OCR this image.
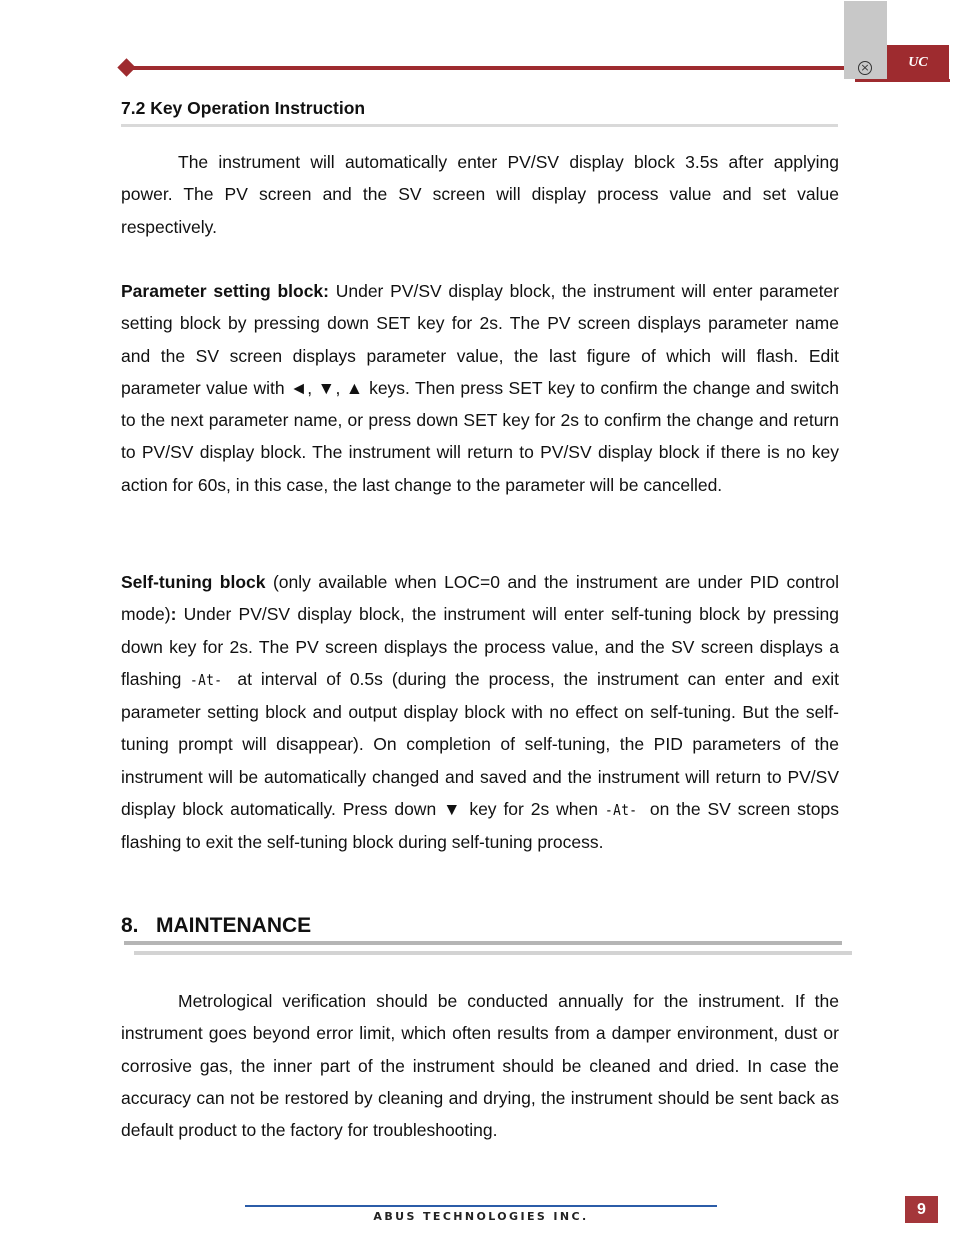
×	UC
7.2 Key Operation Instruction

The instrument will automatically enter PV/SV display block 3.5s after applying power. The PV screen and the SV screen will display process value and set value respectively.

Parameter setting block: Under PV/SV display block, the instrument will enter parameter setting block by pressing down SET key for 2s. The PV screen displays parameter name and the SV screen displays parameter value, the last figure of which will flash. Edit parameter value with ◄, ▼, ▲ keys. Then press SET key to confirm the change and switch to the next parameter name, or press down SET key for 2s to confirm the change and return to PV/SV display block. The instrument will return to PV/SV display block if there is no key action for 60s, in this case, the last change to the parameter will be cancelled.

Self-tuning block (only available when LOC=0 and the instrument are under PID control mode): Under PV/SV display block, the instrument will enter self-tuning block by pressing down key for 2s. The PV screen displays the process value, and the SV screen displays a flashing -At- at interval of 0.5s (during the process, the instrument can enter and exit parameter setting block and output display block with no effect on self-tuning. But the self-tuning prompt will disappear). On completion of self-tuning, the PID parameters of the instrument will be automatically changed and saved and the instrument will return to PV/SV display block automatically. Press down ▼ key for 2s when -At- on the SV screen stops flashing to exit the self-tuning block during self-tuning process.

8.   MAINTENANCE

Metrological verification should be conducted annually for the instrument. If the instrument goes beyond error limit, which often results from a damper environment, dust or corrosive gas, the inner part of the instrument should be cleaned and dried. In case the accuracy can not be restored by cleaning and drying, the instrument should be sent back as default product to the factory for troubleshooting.

ABUS TECHNOLOGIES INC.	9
